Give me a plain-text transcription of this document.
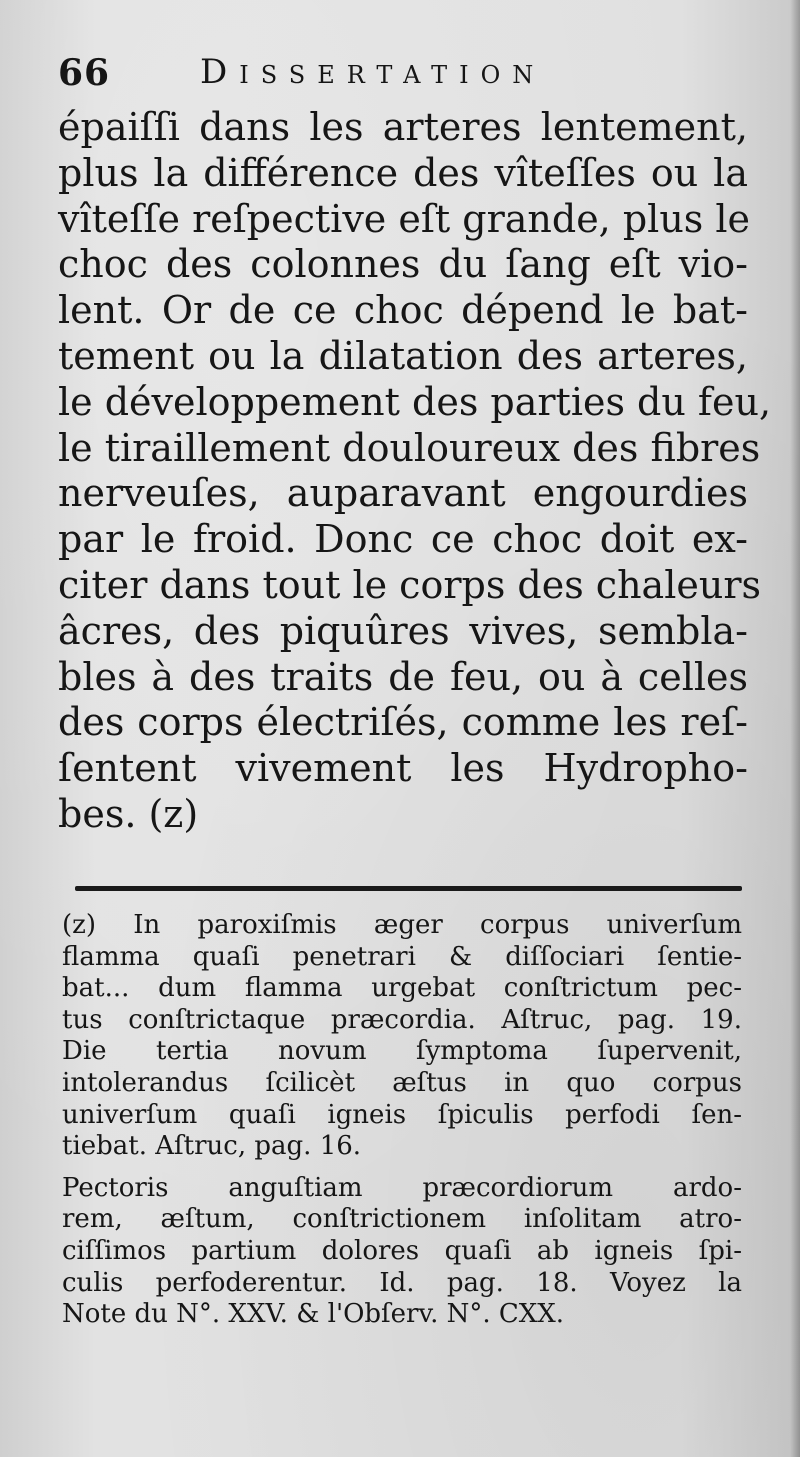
66	Dissertation
épaiſſi dans les arteres lentement,
plus la différence des vîteſſes ou la
vîteſſe reſpective eſt grande, plus le
choc des colonnes du ſang eſt vio-
lent. Or de ce choc dépend le bat-
tement ou la dilatation des arteres,
le développement des parties du feu,
le tiraillement douloureux des fibres
nerveuſes, auparavant engourdies
par le froid. Donc ce choc doit ex-
citer dans tout le corps des chaleurs
âcres, des piquûres vives, sembla-
bles à des traits de feu, ou à celles
des corps électriſés, comme les reſ-
ſentent vivement les Hydropho-
bes. (z)
(z) In paroxiſmis æger corpus univerſum
flamma quaſi penetrari & diſſociari ſentie-
bat... dum flamma urgebat conſtrictum pec-
tus conſtrictaque præcordia. Aſtruc, pag. 19.
Die tertia novum ſymptoma ſupervenit,
intolerandus ſcilicèt æſtus in quo corpus
univerſum quaſi igneis ſpiculis perfodi ſen-
tiebat. Aſtruc, pag. 16.
Pectoris anguſtiam præcordiorum ardo-
rem, æſtum, conſtrictionem inſolitam atro-
ciſſimos partium dolores quaſi ab igneis ſpi-
culis perfoderentur. Id. pag. 18. Voyez la
Note du N°. XXV. & l'Obſerv. N°. CXX.
